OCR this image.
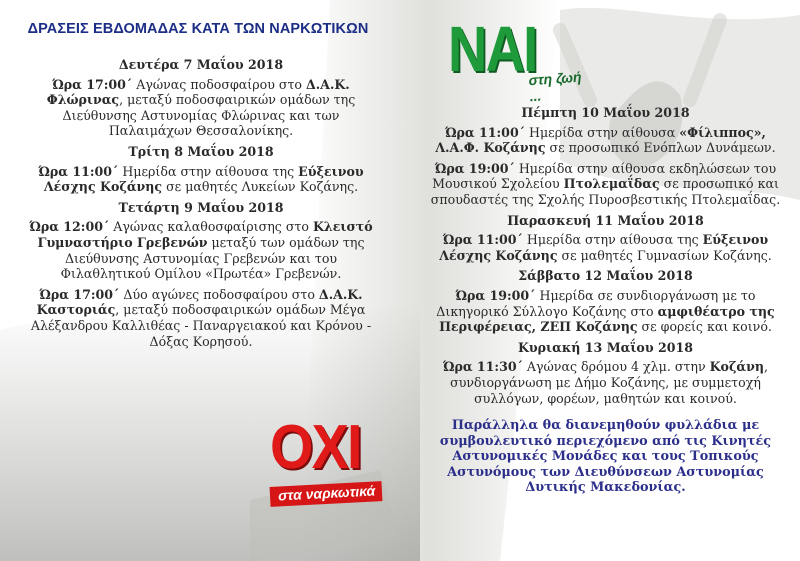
ΔΡΑΣΕΙΣ ΕΒΔΟΜΑΔΑΣ ΚΑΤΑ ΤΩΝ ΝΑΡΚΩΤΙΚΩΝ	ΝΑΙ
στη ζωή ...
Δευτέρα 7 Μαΐου 2018
Ώρα 17:00΄ Αγώνας ποδοσφαίρου στο Δ.Α.Κ. Φλώρινας, μεταξύ ποδοσφαιρικών ομάδων της Διεύθυνσης Αστυνομίας Φλώρινας και των Παλαιμάχων Θεσσαλονίκης.
Τρίτη 8 Μαΐου 2018
Ώρα 11:00΄ Ημερίδα στην αίθουσα της Εύξεινου Λέσχης Κοζάνης σε μαθητές Λυκείων Κοζάνης.
Τετάρτη 9 Μαΐου 2018
Ώρα 12:00΄ Αγώνας καλαθοσφαίρισης στο Κλειστό Γυμναστήριο Γρεβενών μεταξύ των ομάδων της Διεύθυνσης Αστυνομίας Γρεβενών και του Φιλαθλητικού Ομίλου «Πρωτέα» Γρεβενών.
Ώρα 17:00΄ Δύο αγώνες ποδοσφαίρου στο Δ.Α.Κ. Καστοριάς, μεταξύ ποδοσφαιρικών ομάδων Μέγα Αλέξανδρου Καλλιθέας - Παναργειακού και Κρόνου - Δόξας Κορησού.
ΟΧΙ
στα ναρκωτικά
Πέμπτη 10 Μαΐου 2018
Ώρα 11:00΄ Ημερίδα στην αίθουσα «Φίλιππος», Λ.Α.Φ. Κοζάνης σε προσωπικό Ενόπλων Δυνάμεων.
Ώρα 19:00΄ Ημερίδα στην αίθουσα εκδηλώσεων του Μουσικού Σχολείου Πτολεμαΐδας σε προσωπικό και σπουδαστές της Σχολής Πυροσβεστικής Πτολεμαΐδας.
Παρασκευή 11 Μαΐου 2018
Ώρα 11:00΄ Ημερίδα στην αίθουσα της Εύξεινου Λέσχης Κοζάνης σε μαθητές Γυμνασίων Κοζάνης.
Σάββατο 12 Μαΐου 2018
Ώρα 19:00΄ Ημερίδα σε συνδιοργάνωση με το Δικηγορικό Σύλλογο Κοζάνης στο αμφιθέατρο της Περιφέρειας, ΖΕΠ Κοζάνης σε φορείς και κοινό.
Κυριακή 13 Μαΐου 2018
Ώρα 11:30΄ Αγώνας δρόμου 4 χλμ. στην Κοζάνη, συνδιοργάνωση με Δήμο Κοζάνης, με συμμετοχή συλλόγων, φορέων, μαθητών και κοινού.
Παράλληλα θα διανεμηθούν φυλλάδια με συμβουλευτικό περιεχόμενο από τις Κινητές Αστυνομικές Μονάδες και τους Τοπικούς Αστυνόμους των Διευθύνσεων Αστυνομίας Δυτικής Μακεδονίας.
